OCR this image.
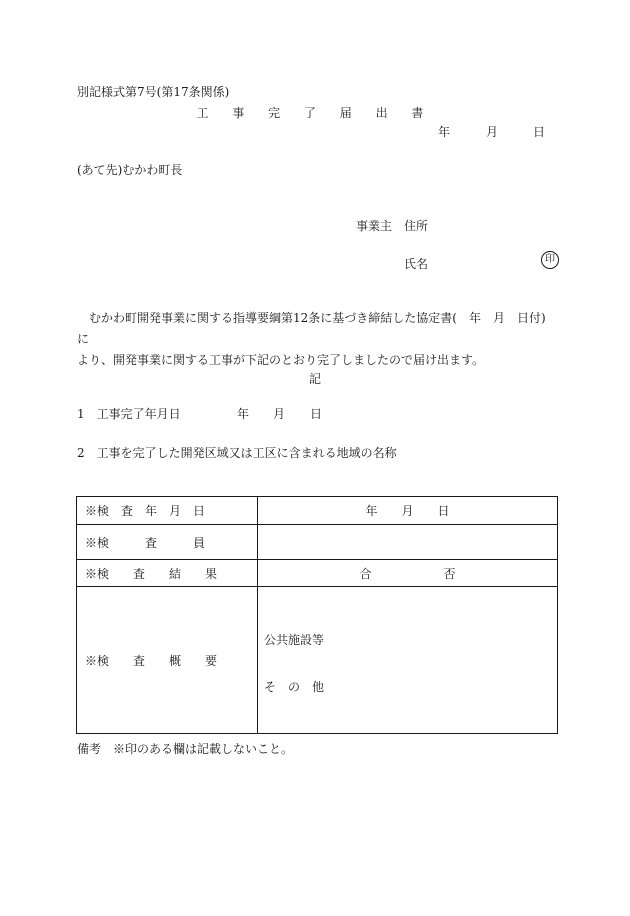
別記様式第7号(第17条関係)
工 事 完 了 届 出 書
年	月	日
(あて先)むかわ町長
事業主　住所
氏名	印
むかわ町開発事業に関する指導要綱第12条に基づき締結した協定書(　年　月　日付)に
より、開発事業に関する工事が下記のとおり完了しましたので届け出ます。
記
1　工事完了年月日	年 月 日
2　工事を完了した開発区域又は工区に含まれる地域の名称
※検　査　年　月　日	年　　月　　日
※検　　　査　　　員	
※検　　査　　結　　果	合　　　　　　否
※検　　査　　概　　要	公共施設等
そ　の　他
備考　※印のある欄は記載しないこと。
